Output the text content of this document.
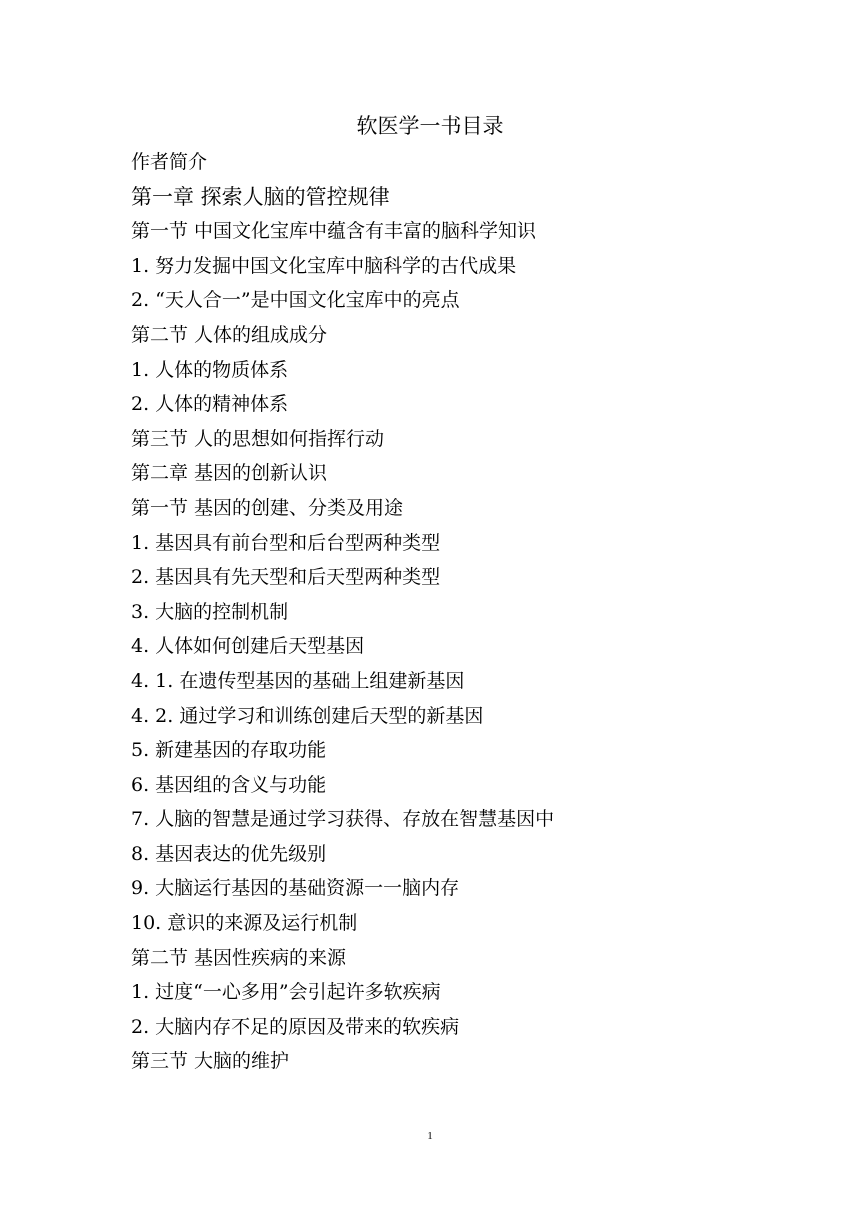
软医学一书目录
作者简介
第一章 探索人脑的管控规律
第一节 中国文化宝库中蕴含有丰富的脑科学知识
1. 努力发掘中国文化宝库中脑科学的古代成果
2. “天人合一”是中国文化宝库中的亮点
第二节 人体的组成成分
1. 人体的物质体系
2. 人体的精神体系
第三节 人的思想如何指挥行动
第二章 基因的创新认识
第一节 基因的创建、分类及用途
1. 基因具有前台型和后台型两种类型
2. 基因具有先天型和后天型两种类型
3. 大脑的控制机制
4. 人体如何创建后天型基因
4. 1. 在遗传型基因的基础上组建新基因
4. 2. 通过学习和训练创建后天型的新基因
5. 新建基因的存取功能
6. 基因组的含义与功能
7. 人脑的智慧是通过学习获得、存放在智慧基因中
8. 基因表达的优先级别
9. 大脑运行基因的基础资源一一脑内存
10. 意识的来源及运行机制
第二节 基因性疾病的来源
1. 过度“一心多用”会引起许多软疾病
2. 大脑内存不足的原因及带来的软疾病
第三节 大脑的维护
1
